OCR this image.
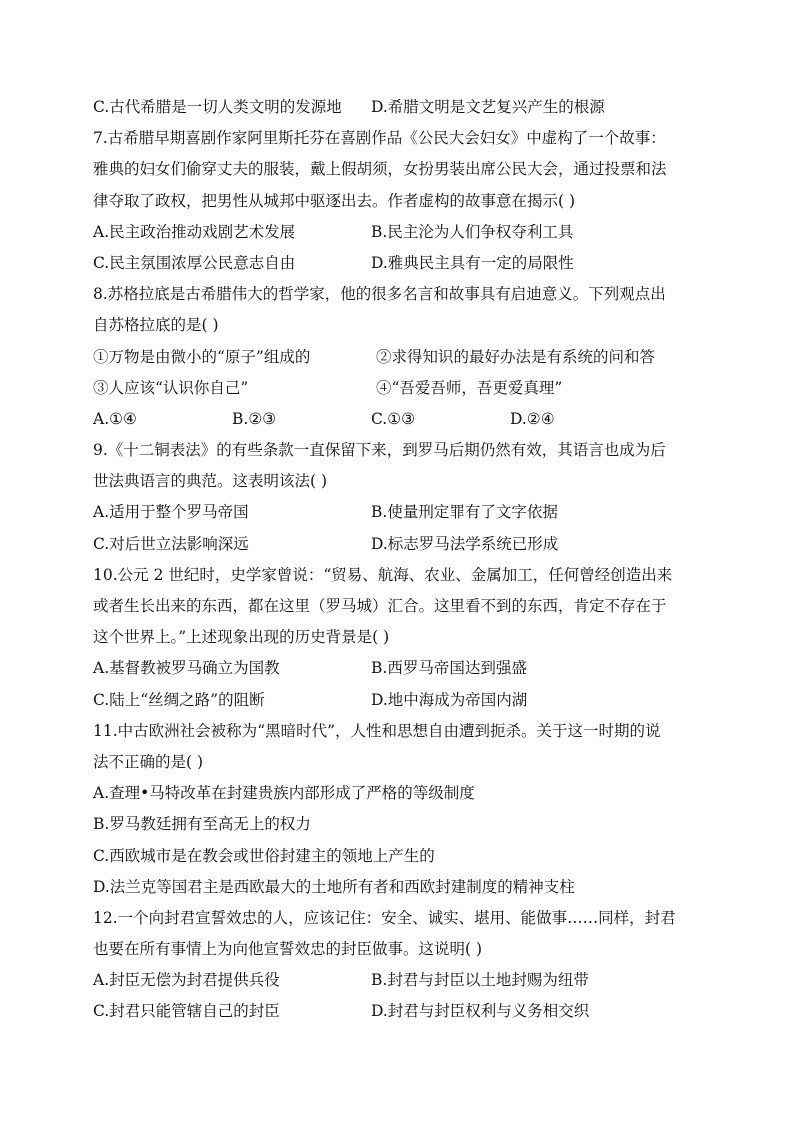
C.古代希腊是一切人类文明的发源地	D.希腊文明是文艺复兴产生的根源
7.古希腊早期喜剧作家阿里斯托芬在喜剧作品《公民大会妇女》中虚构了一个故事：
雅典的妇女们偷穿丈夫的服装，戴上假胡须，女扮男装出席公民大会，通过投票和法
律夺取了政权，把男性从城邦中驱逐出去。作者虚构的故事意在揭示( )
A.民主政治推动戏剧艺术发展	B.民主沦为人们争权夺利工具
C.民主氛围浓厚公民意志自由	D.雅典民主具有一定的局限性
8.苏格拉底是古希腊伟大的哲学家，他的很多名言和故事具有启迪意义。下列观点出
自苏格拉底的是( )
①万物是由微小的“原子”组成的	②求得知识的最好办法是有系统的问和答
③人应该“认识你自己”	④“吾爱吾师，吾更爱真理”
A.①④	B.②③	C.①③	D.②④
9.《十二铜表法》的有些条款一直保留下来，到罗马后期仍然有效，其语言也成为后
世法典语言的典范。这表明该法( )
A.适用于整个罗马帝国	B.使量刑定罪有了文字依据
C.对后世立法影响深远	D.标志罗马法学系统已形成
10.公元 2 世纪时，史学家曾说：“贸易、航海、农业、金属加工，任何曾经创造出来
或者生长出来的东西，都在这里（罗马城）汇合。这里看不到的东西，肯定不存在于
这个世界上。”上述现象出现的历史背景是( )
A.基督教被罗马确立为国教	B.西罗马帝国达到强盛
C.陆上“丝绸之路”的阻断	D.地中海成为帝国内湖
11.中古欧洲社会被称为“黑暗时代”，人性和思想自由遭到扼杀。关于这一时期的说
法不正确的是( )
A.查理•马特改革在封建贵族内部形成了严格的等级制度
B.罗马教廷拥有至高无上的权力
C.西欧城市是在教会或世俗封建主的领地上产生的
D.法兰克等国君主是西欧最大的土地所有者和西欧封建制度的精神支柱
12.一个向封君宣誓效忠的人，应该记住：安全、诚实、堪用、能做事……同样，封君
也要在所有事情上为向他宣誓效忠的封臣做事。这说明( )
A.封臣无偿为封君提供兵役	B.封君与封臣以土地封赐为纽带
C.封君只能管辖自己的封臣	D.封君与封臣权利与义务相交织
